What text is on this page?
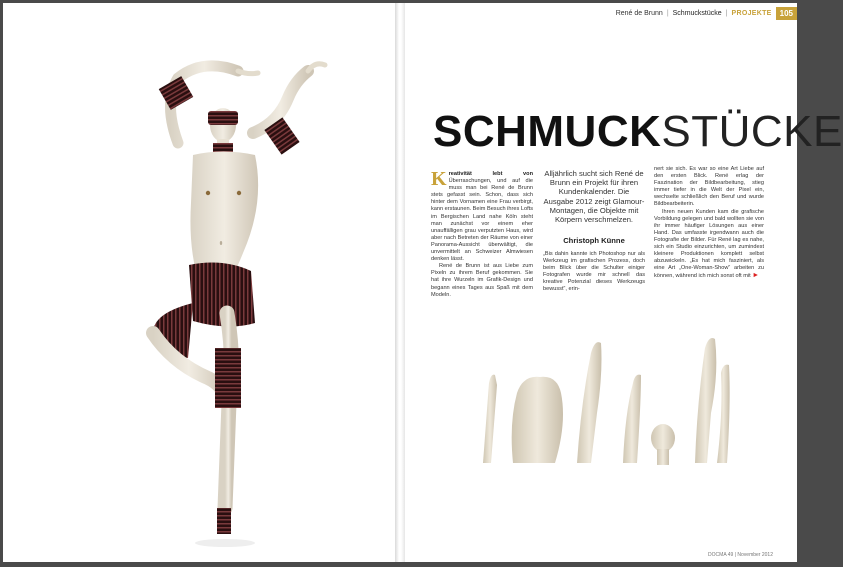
René de Brunn | Schmuckstücke | PROJEKTE	105
SCHMUCKSTÜCKE

Kreativität lebt von Überraschungen, und auf die muss man bei René de Brunn stets gefasst sein. Schon, dass sich hinter dem Vornamen eine Frau verbirgt, kann erstaunen. Beim Besuch ihres Lofts im Bergischen Land nahe Köln steht man zunächst vor einem eher unauffälligen grau verputzten Haus, wird aber nach Betreten der Räume von einer Panorama-Aussicht überwältigt, die unvermittelt an Schweizer Almwiesen denken lässt.

René de Brunn ist aus Liebe zum Pixeln zu ihrem Beruf gekommen. Sie hat ihre Wurzeln im Grafik-Design und begann eines Tages aus Spaß mit dem Modeln.

Alljährlich sucht sich René de Brunn ein Projekt für ihren Kundenkalender. Die Ausgabe 2012 zeigt Glamour-Montagen, die Objekte mit Körpern verschmelzen.
Christoph Künne

„Bis dahin kannte ich Photoshop nur als Werkzeug im grafischen Prozess, doch beim Blick über die Schulter einiger Fotografen wurde mir schnell das kreative Potenzial dieses Werkzeugs bewusst“, erin-

nert sie sich. Es war so eine Art Liebe auf den ersten Blick. René erlag der Faszination der Bildbearbeitung, stieg immer tiefer in die Welt der Pixel ein, wechselte schließlich den Beruf und wurde Bildbearbeiterin.

Ihren neuen Kunden kam die grafische Vorbildung gelegen und bald wollten sie von ihr immer häufiger Lösungen aus einer Hand. Das umfasste irgendwann auch die Fotografie der Bilder. Für René lag es nahe, sich ein Studio einzurichten, um zumindest kleinere Produktionen komplett selbst abzuwickeln. „Es hat mich fasziniert, als eine Art „One-Woman-Show“ arbeiten zu können, während ich mich sonst oft mit ►

DOCMA 49 | November 2012
